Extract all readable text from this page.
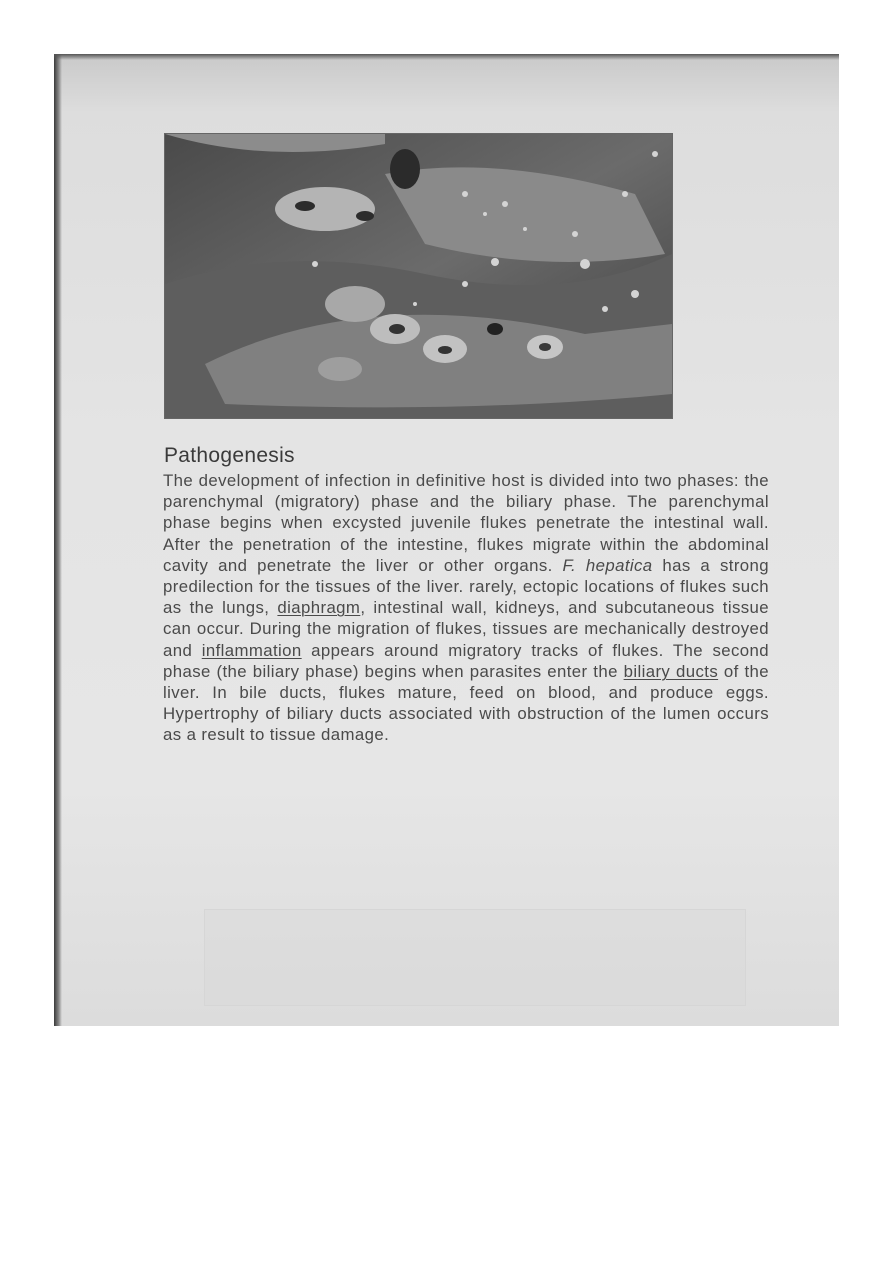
Pathogenesis

The development of infection in definitive host is divided into two phases: the parenchymal (migratory) phase and the biliary phase. The parenchymal phase begins when excysted juvenile flukes penetrate the intestinal wall. After the penetration of the intestine, flukes migrate within the abdominal cavity and penetrate the liver or other organs. F. hepatica has a strong predilection for the tissues of the liver. rarely, ectopic locations of flukes such as the lungs, diaphragm, intestinal wall, kidneys, and subcutaneous tissue can occur. During the migration of flukes, tissues are mechanically destroyed and inflammation appears around migratory tracks of flukes. The second phase (the biliary phase) begins when parasites enter the biliary ducts of the liver. In bile ducts, flukes mature, feed on blood, and produce eggs. Hypertrophy of biliary ducts associated with obstruction of the lumen occurs as a result to tissue damage.
